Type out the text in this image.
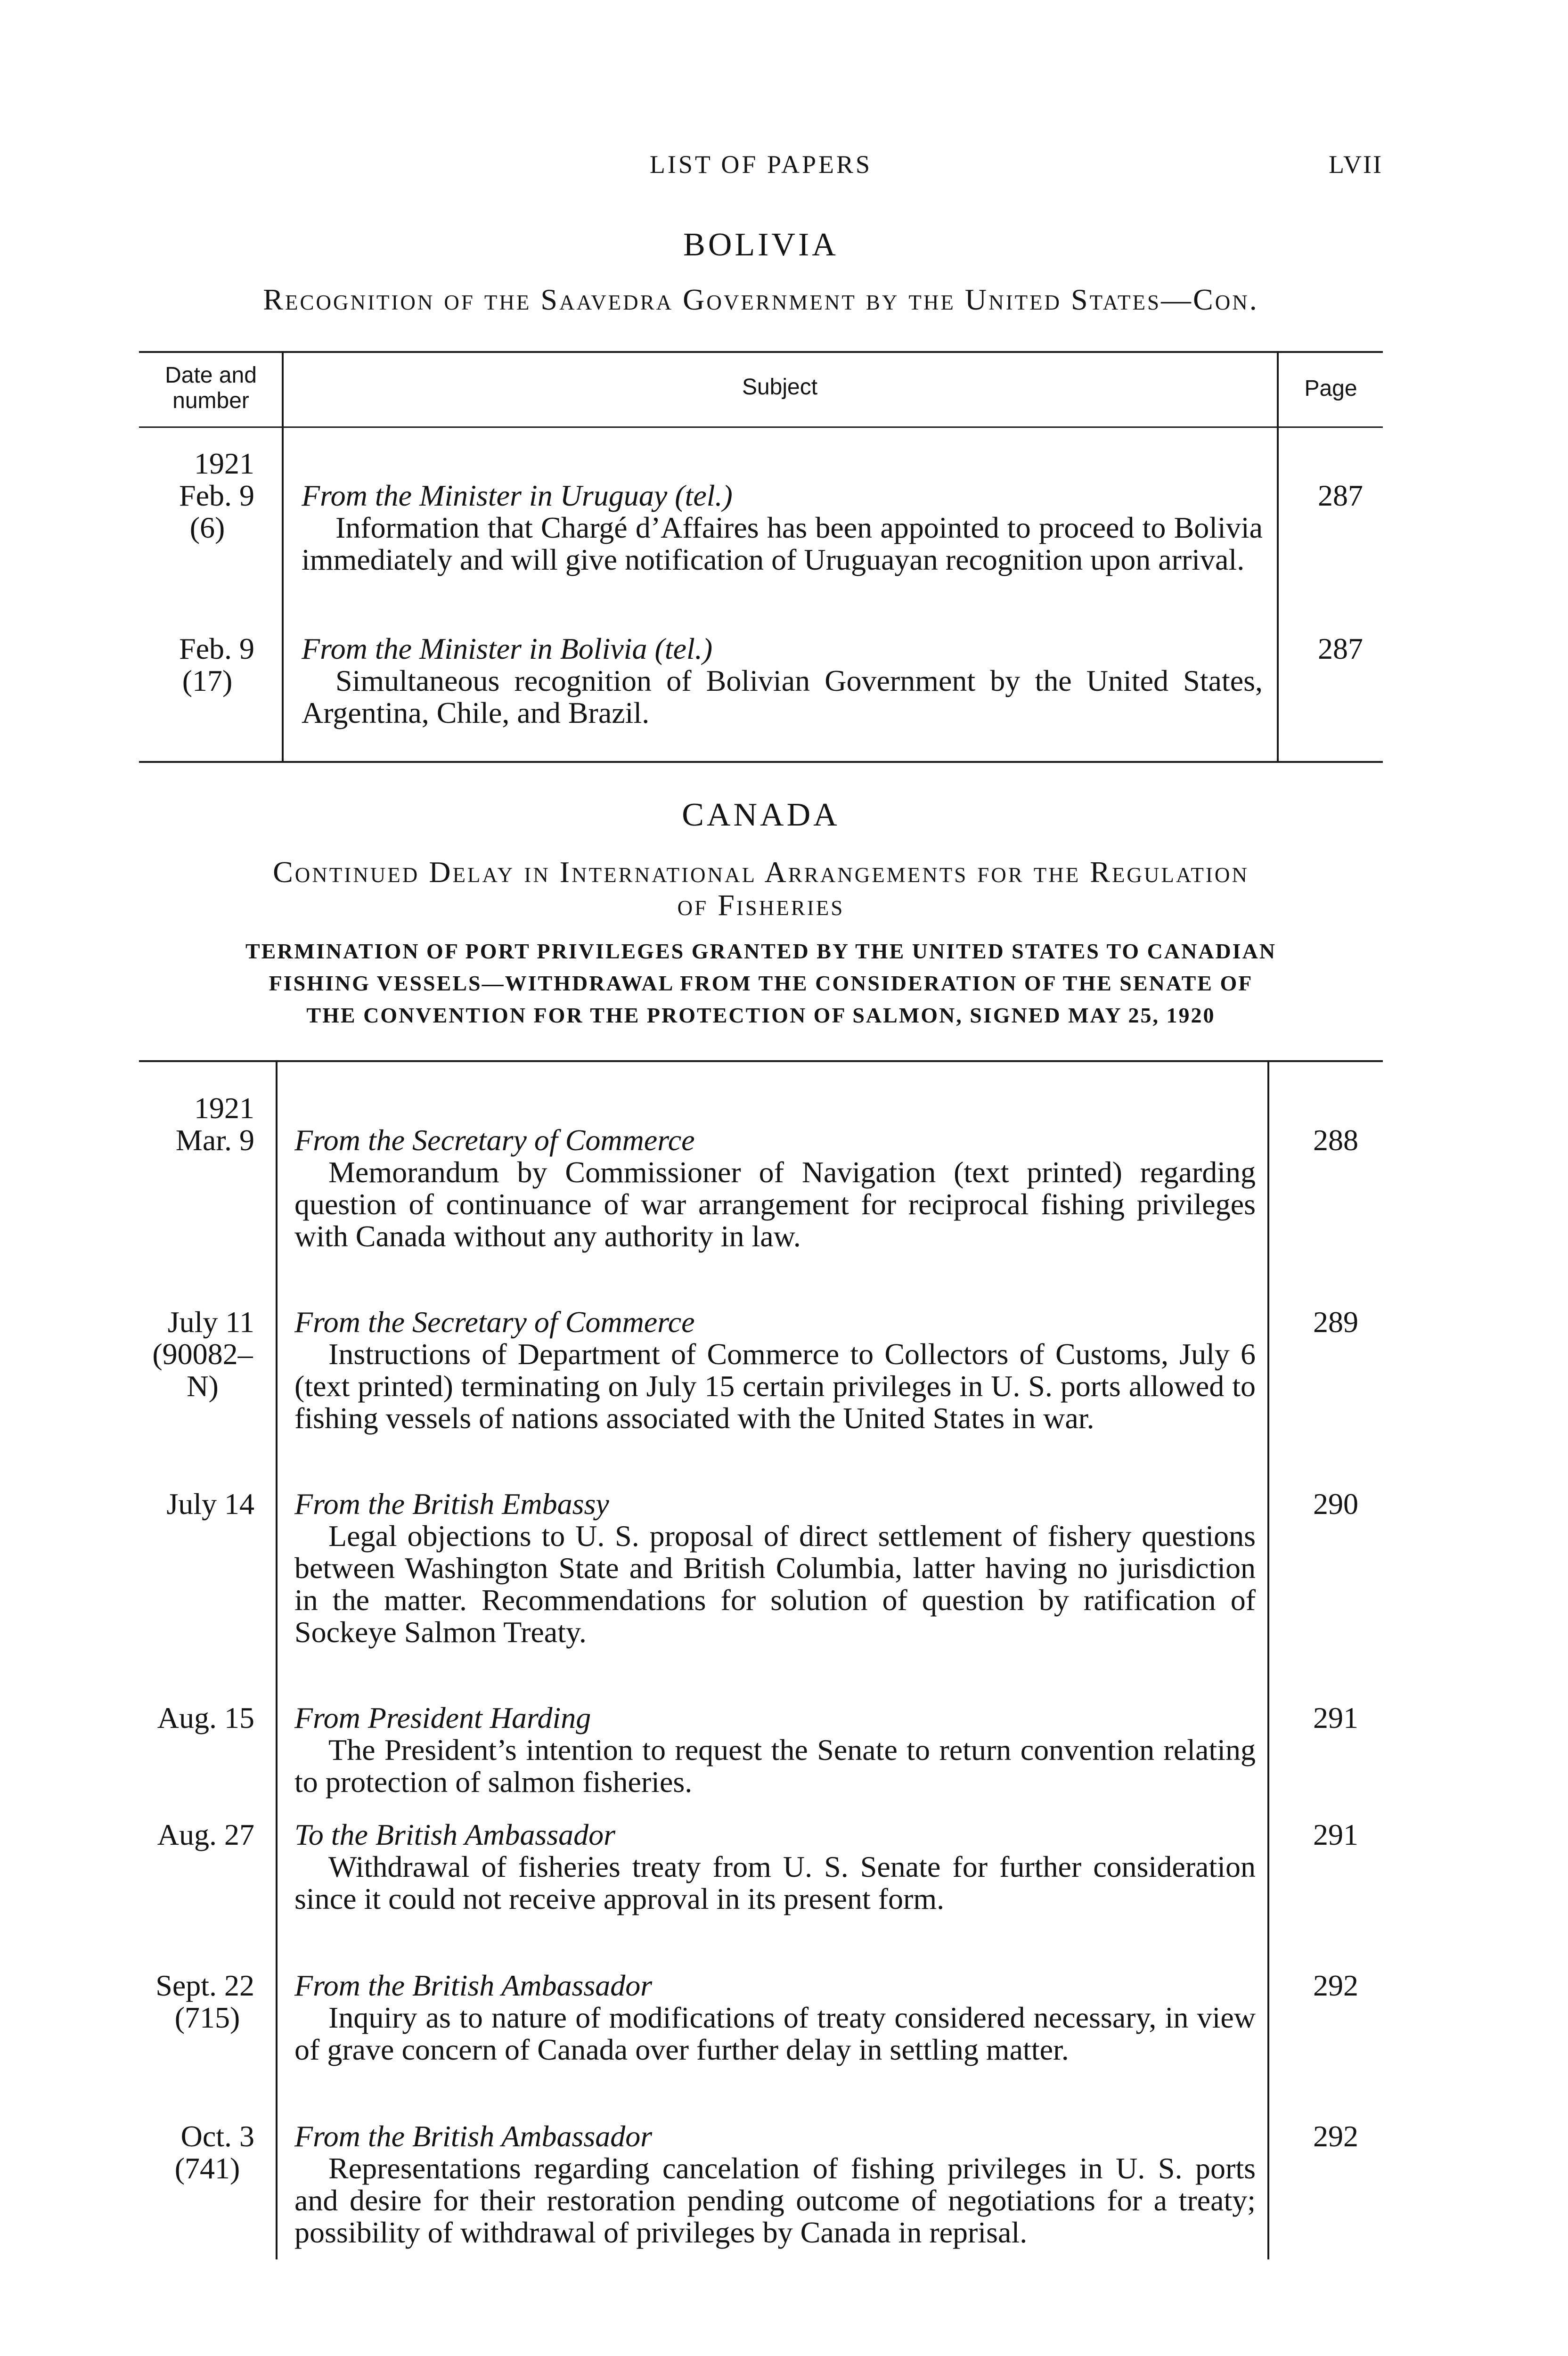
LIST OF PAPERS	LVII
BOLIVIA
Recognition of the Saavedra Government by the United States—Con.
Date and number
Subject	Page
1921
Feb. 9
(6)
From the Minister in Uruguay (tel.)
Information that Chargé d’Affaires has been appointed to proceed to Bolivia immediately and will give notification of Uruguayan recognition upon arrival.
287
Feb. 9
(17)
From the Minister in Bolivia (tel.)
Simultaneous recognition of Bolivian Government by the United States, Argentina, Chile, and Brazil.
287
CANADA
Continued Delay in International Arrangements for the Regulation
of Fisheries
TERMINATION OF PORT PRIVILEGES GRANTED BY THE UNITED STATES TO CANADIAN
FISHING VESSELS—WITHDRAWAL FROM THE CONSIDERATION OF THE SENATE OF
THE CONVENTION FOR THE PROTECTION OF SALMON, SIGNED MAY 25, 1920
1921
Mar. 9 From the Secretary of Commerce
Memorandum by Commissioner of Navigation (text printed) regarding question of continuance of war arrangement for reciprocal fishing privileges with Canada without any authority in law.
288
July 11
(90082–N)
From the Secretary of Commerce
Instructions of Department of Commerce to Collectors of Customs, July 6 (text printed) terminating on July 15 certain privileges in U. S. ports allowed to fishing vessels of nations associated with the United States in war.
289
July 14 From the British Embassy
Legal objections to U. S. proposal of direct settlement of fishery questions between Washington State and British Columbia, latter having no jurisdiction in the matter. Recommendations for solution of question by ratification of Sockeye Salmon Treaty.
290
Aug. 15 From President Harding
The President’s intention to request the Senate to return convention relating to protection of salmon fisheries.
291
Aug. 27 To the British Ambassador
Withdrawal of fisheries treaty from U. S. Senate for further consideration since it could not receive approval in its present form.
291
Sept. 22
(715)
From the British Ambassador
Inquiry as to nature of modifications of treaty considered necessary, in view of grave concern of Canada over further delay in settling matter.
292
Oct. 3
(741)
From the British Ambassador
Representations regarding cancelation of fishing privileges in U. S. ports and desire for their restoration pending outcome of negotiations for a treaty; possibility of withdrawal of privileges by Canada in reprisal.
292
